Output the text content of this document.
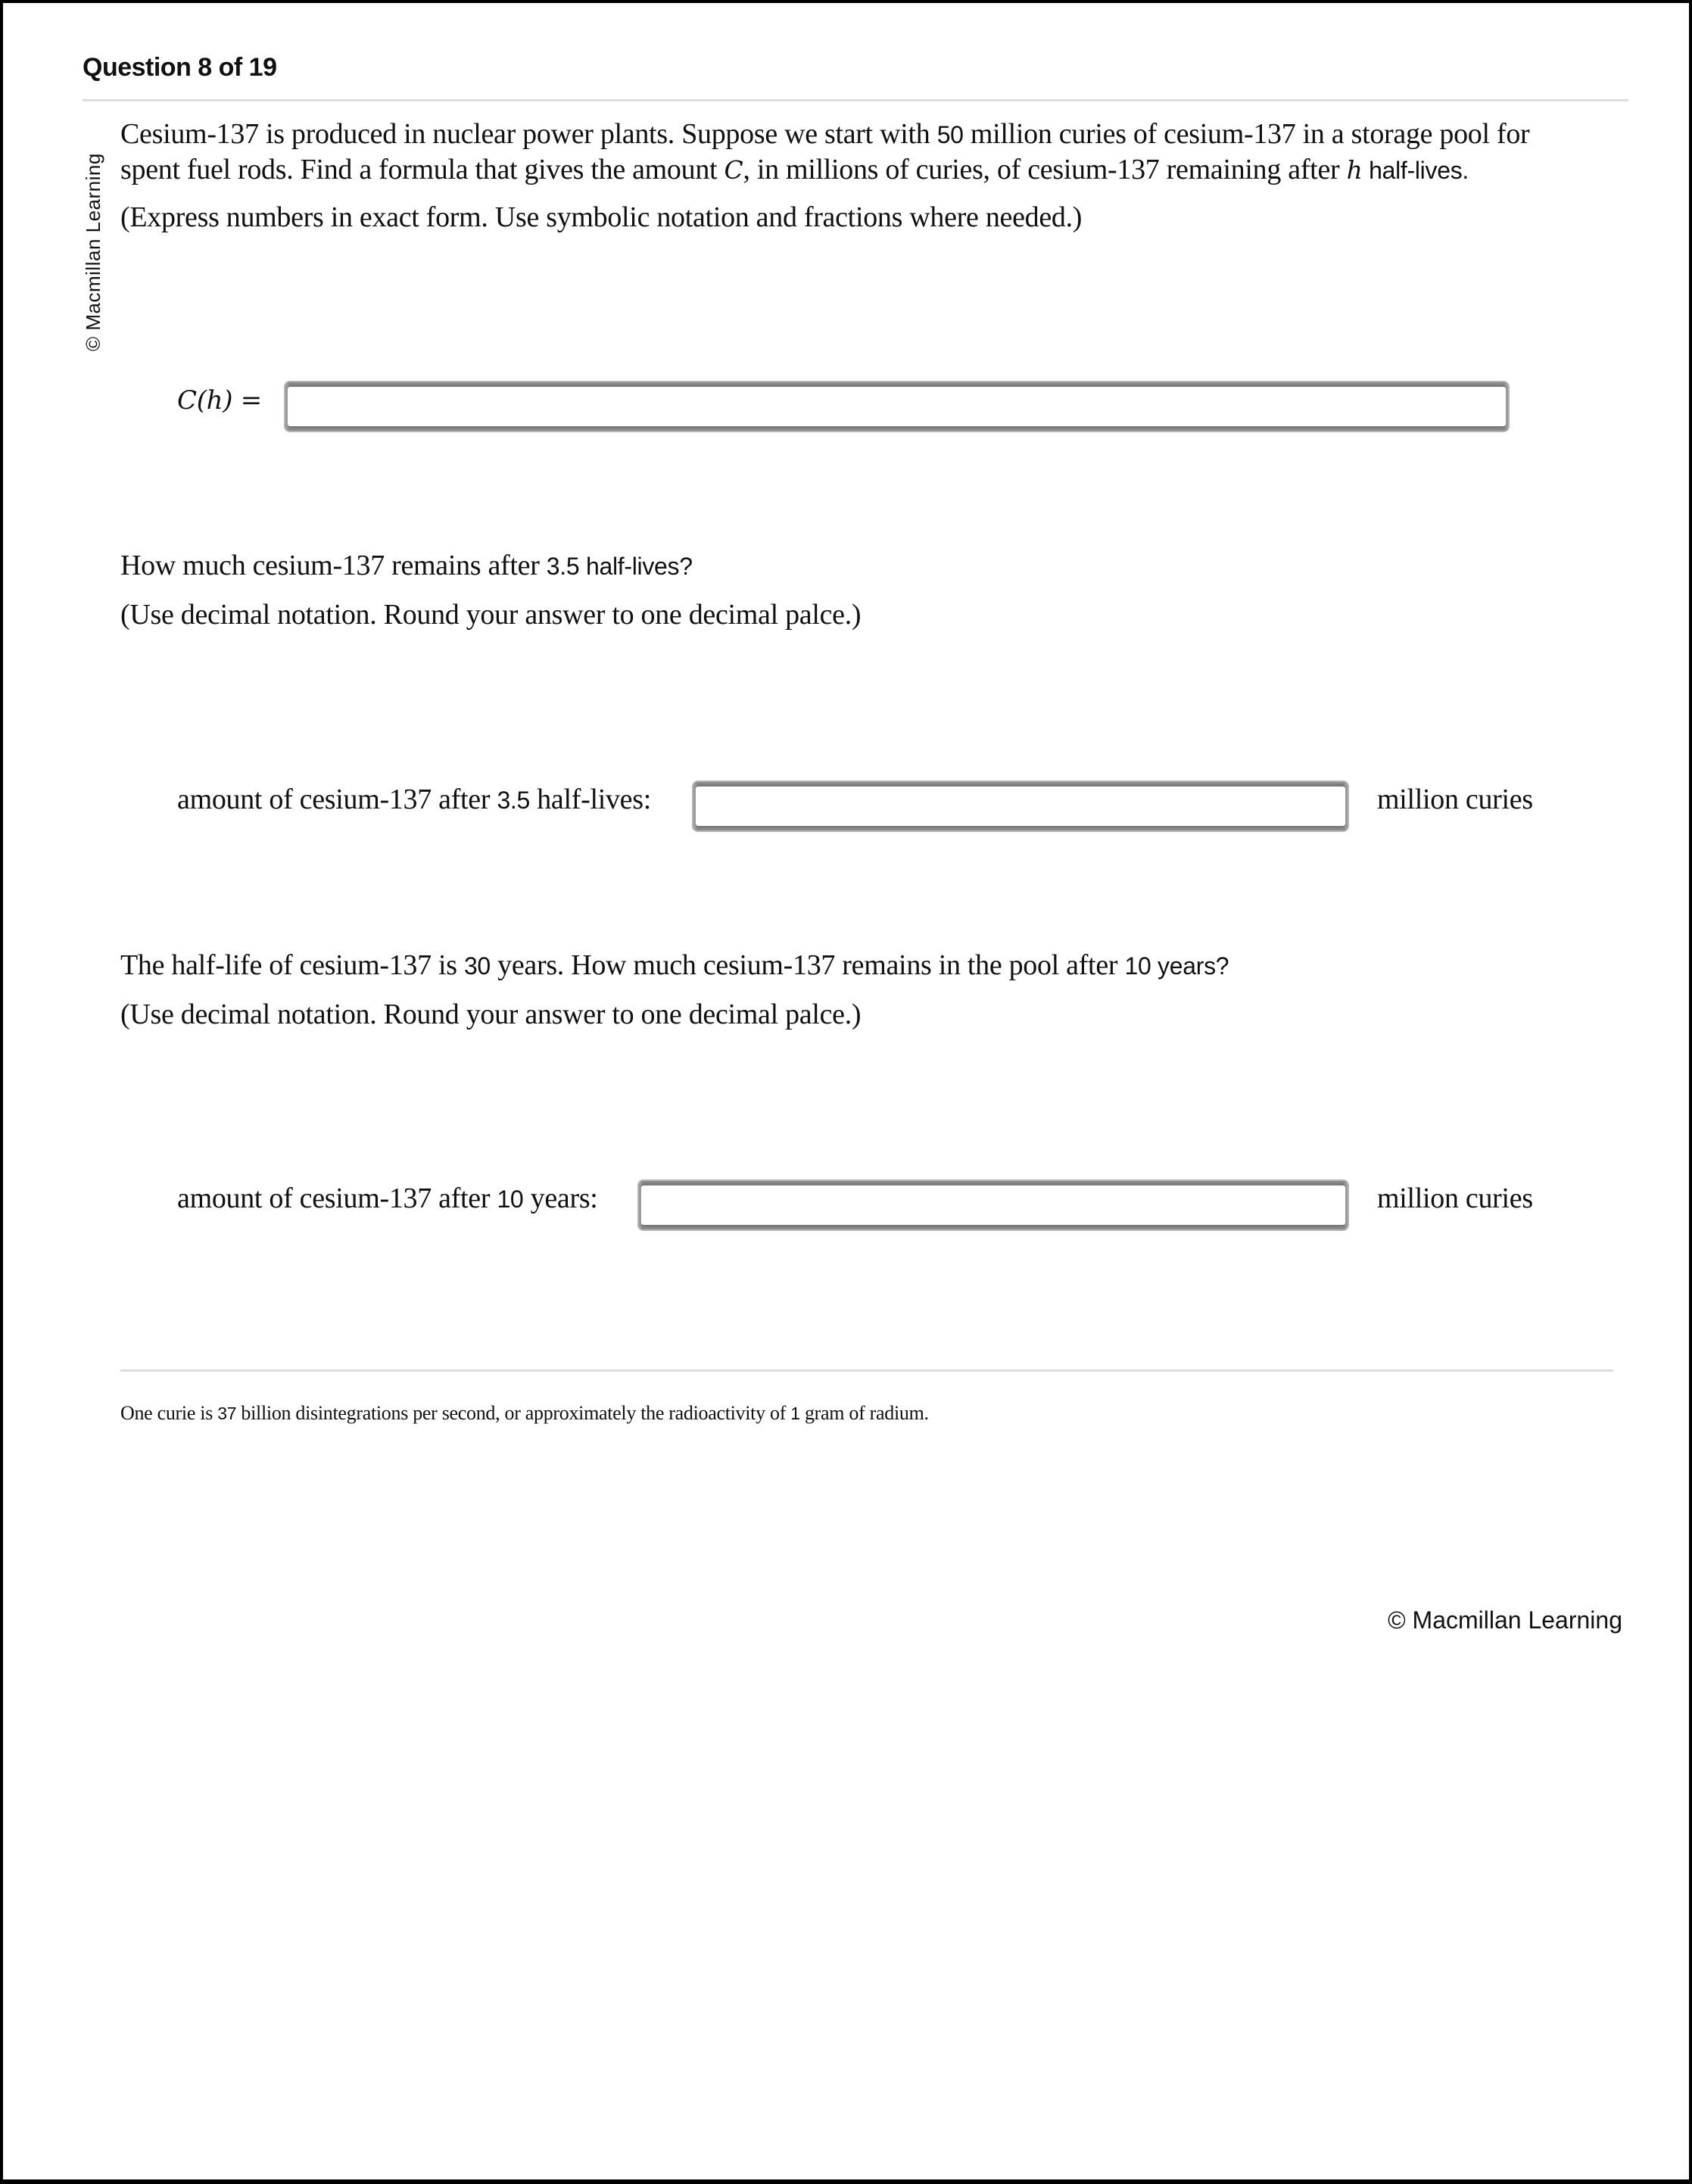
Question 8 of 19
© Macmillan Learning
Cesium-137 is produced in nuclear power plants. Suppose we start with 50 million curies of cesium-137 in a storage pool for spent fuel rods. Find a formula that gives the amount C, in millions of curies, of cesium-137 remaining after h half-lives.
(Express numbers in exact form. Use symbolic notation and fractions where needed.)
C(h) =
How much cesium-137 remains after 3.5 half-lives?
(Use decimal notation. Round your answer to one decimal palce.)
amount of cesium-137 after 3.5 half-lives:	million curies
The half-life of cesium-137 is 30 years. How much cesium-137 remains in the pool after 10 years?
(Use decimal notation. Round your answer to one decimal palce.)
amount of cesium-137 after 10 years:	million curies
One curie is 37 billion disintegrations per second, or approximately the radioactivity of 1 gram of radium.
© Macmillan Learning
